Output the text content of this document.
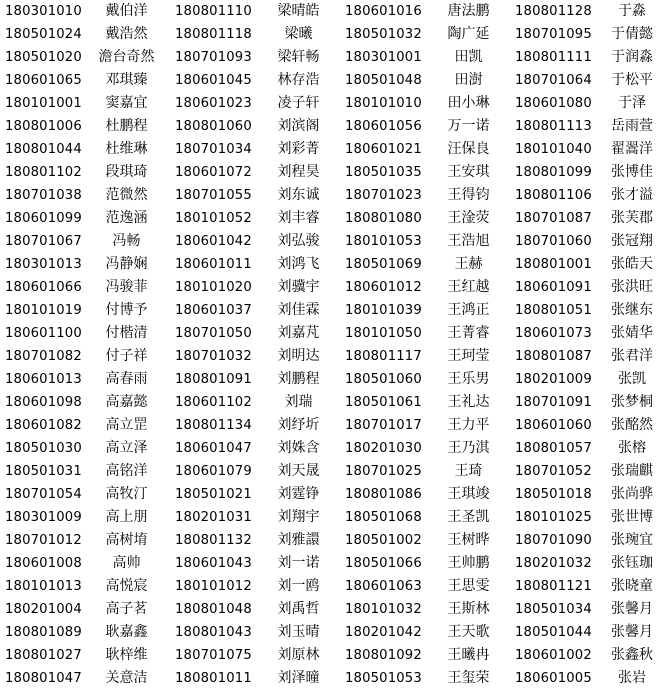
180301010	戴伯洋	180801110	梁晴皓	180601016	唐法鹏	180801128	于淼
180501024	戴浩然	180801118	梁曦	180501032	陶广延	180701095	于倩懿
180501020	澹台奇然	180701093	梁轩畅	180301001	田凯	180801111	于润淼
180601065	邓琪臻	180601045	林存浩	180501048	田澍	180701064	于松平
180101001	窦嘉宜	180601023	凌子轩	180101010	田小琳	180601080	于泽
180801006	杜鹏程	180801060	刘滨阁	180601056	万一诺	180801113	岳雨萱
180801044	杜维琳	180701034	刘彩菁	180601021	汪保良	180101040	翟翯洋
180801102	段琪琦	180601072	刘程昊	180501035	王安琪	180801099	张博佳
180701038	范微然	180701055	刘东诚	180701023	王得钧	180801106	张才溢
180601099	范逸涵	180101052	刘丰睿	180801080	王淦荧	180701087	张芙郡
180701067	冯畅	180601042	刘弘骏	180101053	王浩旭	180701060	张冠翔
180301013	冯静娴	180601011	刘鸿飞	180501069	王赫	180801001	张皓天
180601066	冯骏菲	180101020	刘骥宇	180601012	王红越	180601091	张洪旺
180101019	付博予	180601037	刘佳霖	180101039	王鸿正	180801051	张继东
180601100	付楷清	180701050	刘嘉芃	180101050	王菁睿	180601073	张婧华
180701082	付子祥	180701032	刘明达	180801117	王珂莹	180801087	张君洋
180601013	高春雨	180801091	刘鹏程	180501060	王乐男	180201009	张凯
180601098	高嘉懿	180601102	刘瑞	180501061	王礼达	180701091	张梦桐
180601082	高立罡	180801134	刘纾圻	180701017	王力平	180601060	张酩然
180501030	高立泽	180601047	刘姝含	180201030	王乃淇	180801057	张榕
180501031	高铭洋	180601079	刘天晟	180701025	王琦	180701052	张瑞麒
180701054	高牧汀	180501021	刘霆铮	180801086	王琪竣	180501018	张尚骅
180301009	高上朋	180201031	刘翔宇	180501068	王圣凯	180101025	张世博
180701012	高树堉	180801132	刘雅譞	180501002	王树晔	180701090	张琬宜
180601008	高帅	180601043	刘一诺	180501066	王帅鹏	180201032	张钰珈
180101013	高悦宸	180101012	刘一鸥	180601063	王思雯	180801121	张晓童
180201004	高子茗	180801048	刘禹哲	180101032	王斯林	180501034	张馨月
180801089	耿嘉鑫	180801043	刘玉晴	180201042	王天歌	180501044	张馨月
180801027	耿梓维	180701075	刘原林	180801092	王曦冉	180601002	张鑫秋
180801047	关意洁	180801011	刘泽曈	180501053	王玺荣	180601005	张岩
